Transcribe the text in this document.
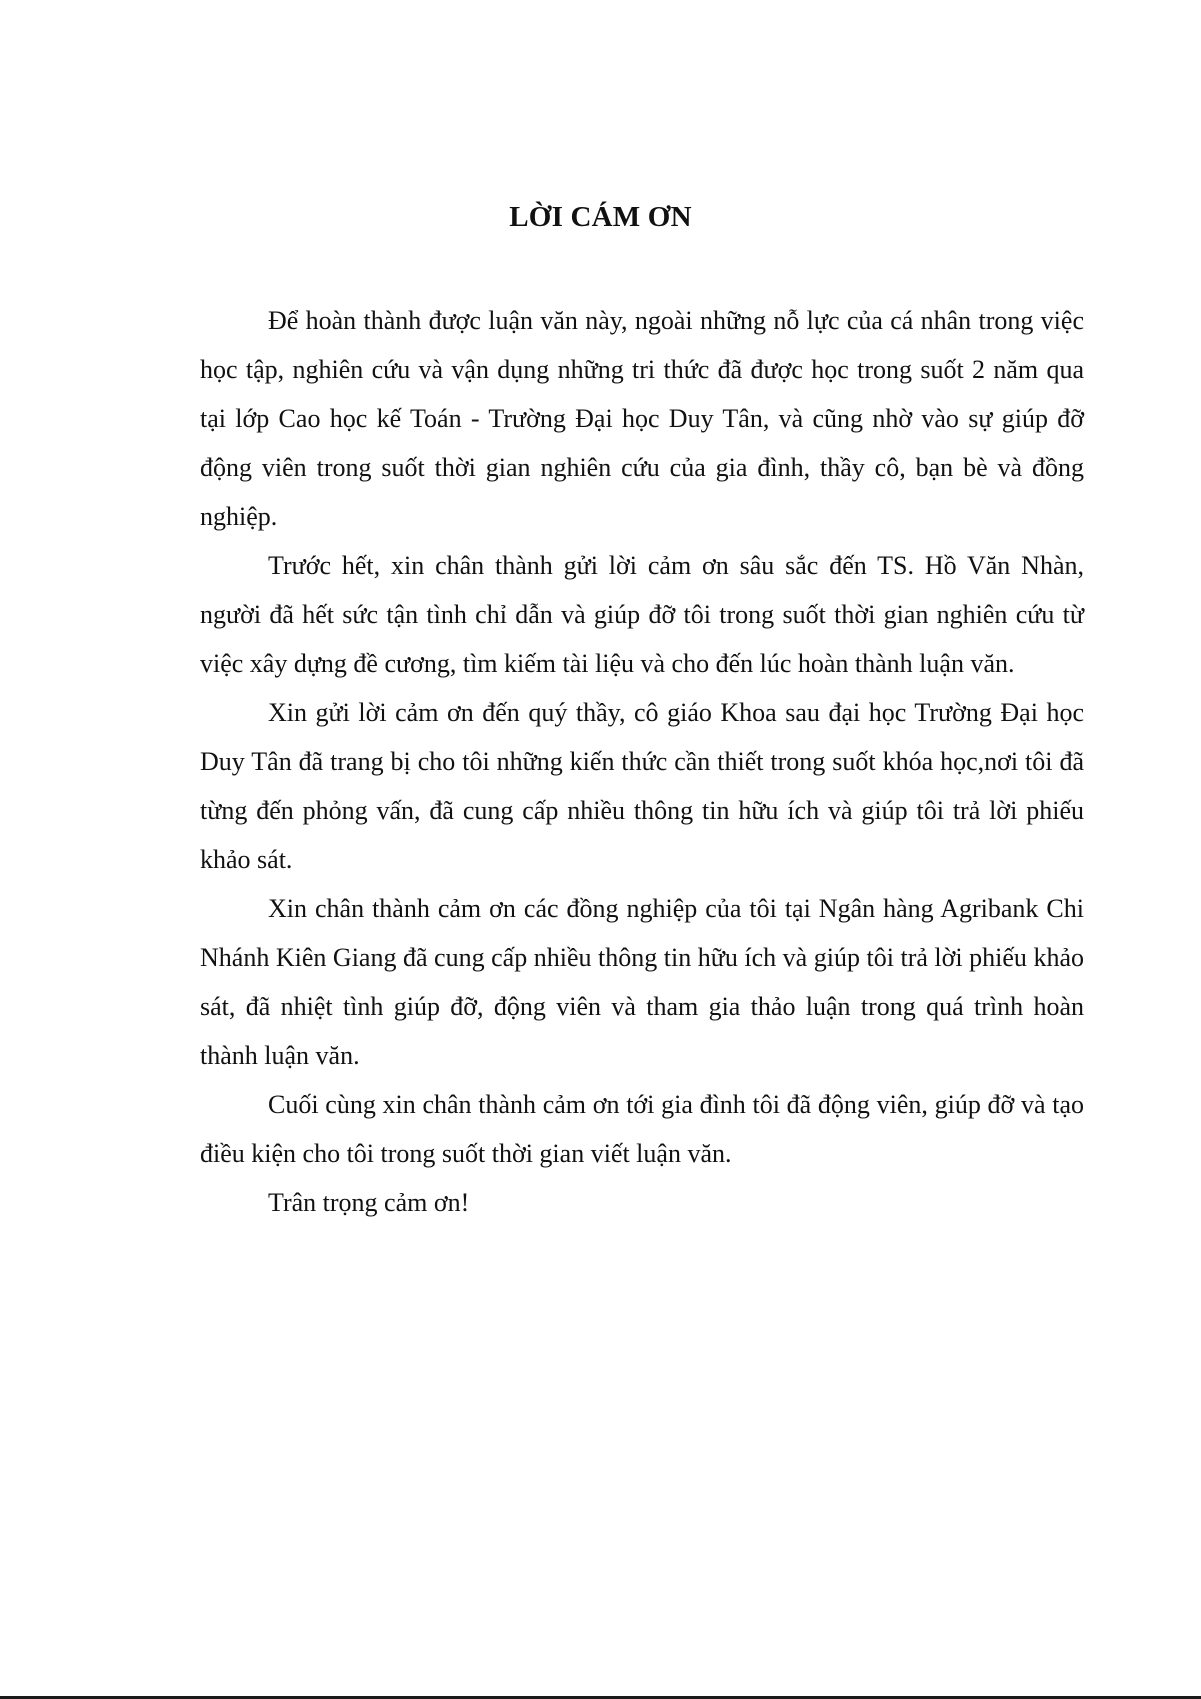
LỜI CÁM ƠN

Để hoàn thành được luận văn này, ngoài những nỗ lực của cá nhân trong việc học tập, nghiên cứu và vận dụng những tri thức đã được học trong suốt 2 năm qua tại lớp Cao học kế Toán - Trường Đại học Duy Tân, và cũng nhờ vào sự giúp đỡ động viên trong suốt thời gian nghiên cứu của gia đình, thầy cô, bạn bè và đồng nghiệp.

Trước hết, xin chân thành gửi lời cảm ơn sâu sắc đến TS. Hồ Văn Nhàn, người đã hết sức tận tình chỉ dẫn và giúp đỡ tôi trong suốt thời gian nghiên cứu từ việc xây dựng đề cương, tìm kiếm tài liệu và cho đến lúc hoàn thành luận văn.

Xin gửi lời cảm ơn đến quý thầy, cô giáo Khoa sau đại học Trường Đại học Duy Tân đã trang bị cho tôi những kiến thức cần thiết trong suốt khóa học,nơi tôi đã từng đến phỏng vấn, đã cung cấp nhiều thông tin hữu ích và giúp tôi trả lời phiếu khảo sát.

Xin chân thành cảm ơn các đồng nghiệp của tôi tại Ngân hàng Agribank Chi Nhánh Kiên Giang đã cung cấp nhiều thông tin hữu ích và giúp tôi trả lời phiếu khảo sát, đã nhiệt tình giúp đỡ, động viên và tham gia thảo luận trong quá trình hoàn thành luận văn.

Cuối cùng xin chân thành cảm ơn tới gia đình tôi đã động viên, giúp đỡ và tạo điều kiện cho tôi trong suốt thời gian viết luận văn.

Trân trọng cảm ơn!
